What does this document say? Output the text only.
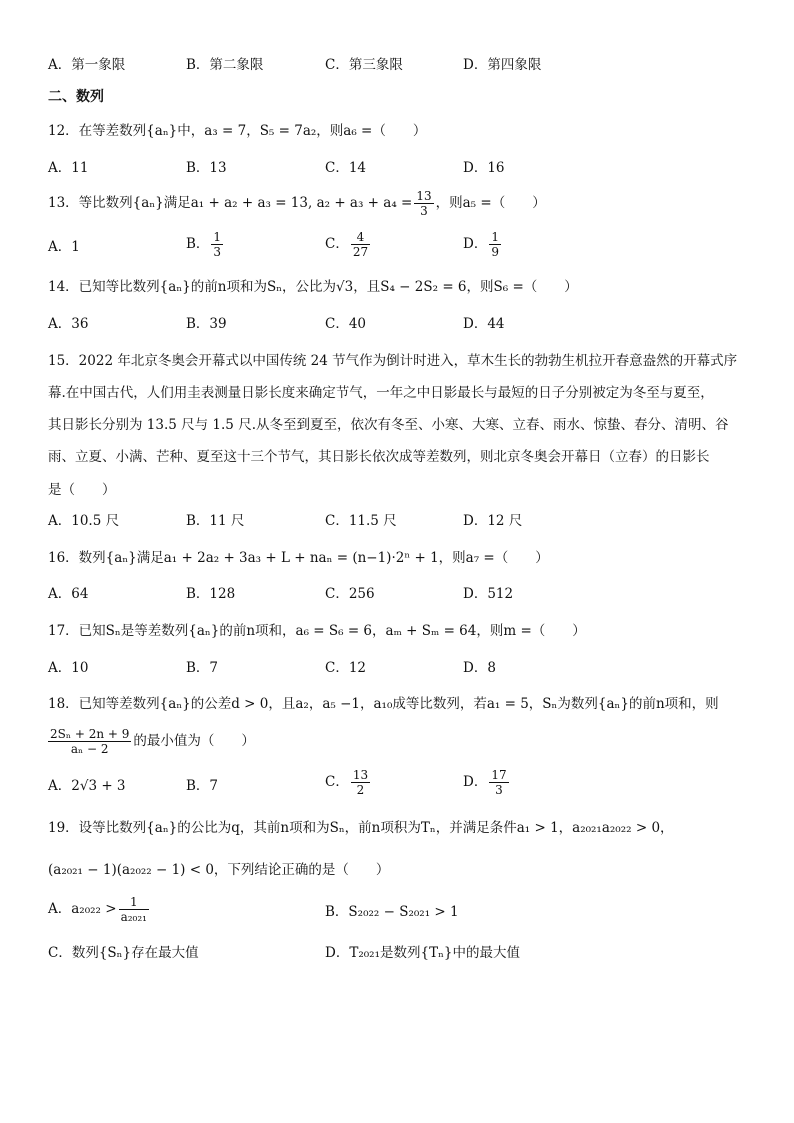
A．第一象限	B．第二象限	C．第三象限	D．第四象限
二、数列
12．在等差数列{aₙ}中，a₃ = 7，S₅ = 7a₂，则a₆ =（　　）
A．11	B．13	C．14	D．16
13．等比数列{aₙ}满足a₁ + a₂ + a₃ = 13, $a_2 + a_3 + a_4 = \frac{13}{3}$ ，则a₅ =（　　）
A．1	B． $\frac{1}{3}$	C． $\frac{4}{27}$	D． $\frac{1}{9}$
14．已知等比数列{aₙ}的前n项和为Sₙ，公比为√3，且S₄ − 2S₂ = 6，则S₆ =（　　）
A．36	B．39	C．40	D．44
15．2022 年北京冬奥会开幕式以中国传统 24 节气作为倒计时进入，草木生长的勃勃生机拉开春意盎然的开幕式序
幕.在中国古代，人们用圭表测量日影长度来确定节气，一年之中日影最长与最短的日子分别被定为冬至与夏至，
其日影长分别为 13.5 尺与 1.5 尺.从冬至到夏至，依次有冬至、小寒、大寒、立春、雨水、惊蛰、春分、清明、谷
雨、立夏、小满、芒种、夏至这十三个节气，其日影长依次成等差数列，则北京冬奥会开幕日（立春）的日影长
是（　　）
A．10.5 尺	B．11 尺	C．11.5 尺	D．12 尺
16．数列{aₙ}满足a₁ + 2a₂ + 3a₃ + L + naₙ = (n−1)·2ⁿ + 1，则a₇ =（　　）
A．64	B．128	C．256	D．512
17．已知Sₙ是等差数列{aₙ}的前n项和，a₆ = S₆ = 6，aₘ + Sₘ = 64，则m =（　　）
A．10	B．7	C．12	D．8
18．已知等差数列{aₙ}的公差d > 0，且a₂，a₅ −1，a₁₀成等比数列，若a₁ = 5，Sₙ为数列{aₙ}的前n项和，则
$\frac{\text{2Sₙ + 2n + 9}}{\text{aₙ − 2}}$ 的最小值为（　　）
A．2√3 + 3	B．7	C． $\frac{13}{2}$	D． $\frac{17}{3}$
19．设等比数列{aₙ}的公比为q，其前n项和为Sₙ，前n项积为Tₙ，并满足条件a₁ > 1，a₂₀₂₁a₂₀₂₂ > 0，
(a₂₀₂₁ − 1)(a₂₀₂₂ − 1) < 0，下列结论正确的是（　　）
A．$a_{2022} > \frac{1}{\text{a₂₀₂₁}}$	B．S₂₀₂₂ − S₂₀₂₁ > 1
C．数列{Sₙ}存在最大值	D．T₂₀₂₁是数列{Tₙ}中的最大值
